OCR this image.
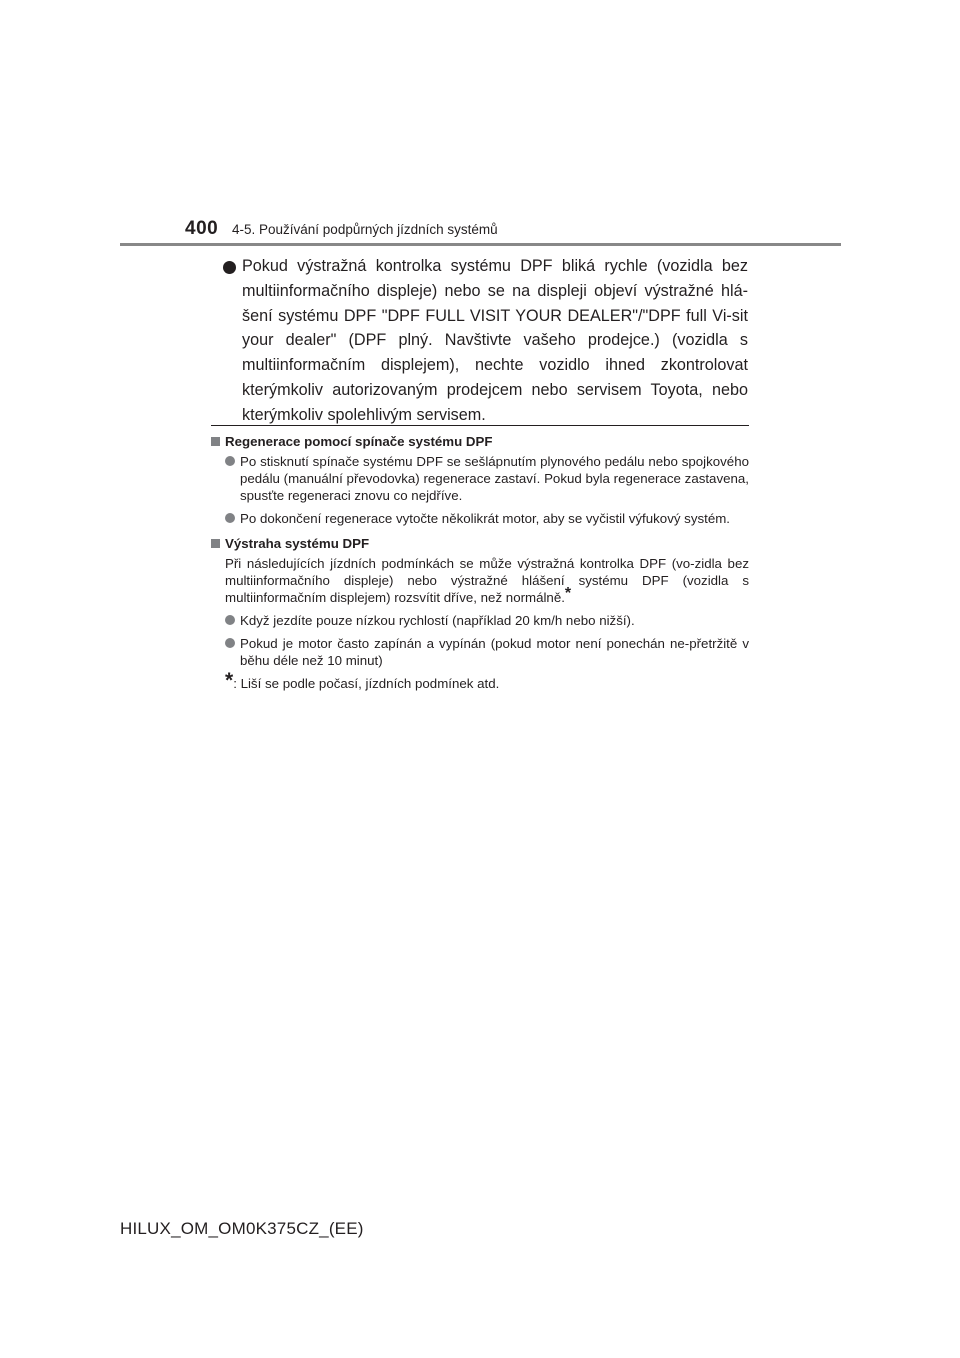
400 4-5. Používání podpůrných jízdních systémů
Pokud výstražná kontrolka systému DPF bliká rychle (vozidla bez multiinformačního displeje) nebo se na displeji objeví výstražné hlá-šení systému DPF "DPF FULL VISIT YOUR DEALER"/"DPF full Vi-sit your dealer" (DPF plný. Navštivte vašeho prodejce.) (vozidla s multiinformačním displejem), nechte vozidlo ihned zkontrolovat kterýmkoliv autorizovaným prodejcem nebo servisem Toyota, nebo kterýmkoliv spolehlivým servisem.
Regenerace pomocí spínače systému DPF
Po stisknutí spínače systému DPF se sešlápnutím plynového pedálu nebo spojkového pedálu (manuální převodovka) regenerace zastaví. Pokud byla regenerace zastavena, spusťte regeneraci znovu co nejdříve.
Po dokončení regenerace vytočte několikrát motor, aby se vyčistil výfukový systém.
Výstraha systému DPF
Při následujících jízdních podmínkách se může výstražná kontrolka DPF (vo-zidla bez multiinformačního displeje) nebo výstražné hlášení systému DPF (vozidla s multiinformačním displejem) rozsvítit dříve, než normálně.*
Když jezdíte pouze nízkou rychlostí (například 20 km/h nebo nižší).
Pokud je motor často zapínán a vypínán (pokud motor není ponechán ne-přetržitě v běhu déle než 10 minut)
*: Liší se podle počasí, jízdních podmínek atd.
HILUX_OM_OM0K375CZ_(EE)
